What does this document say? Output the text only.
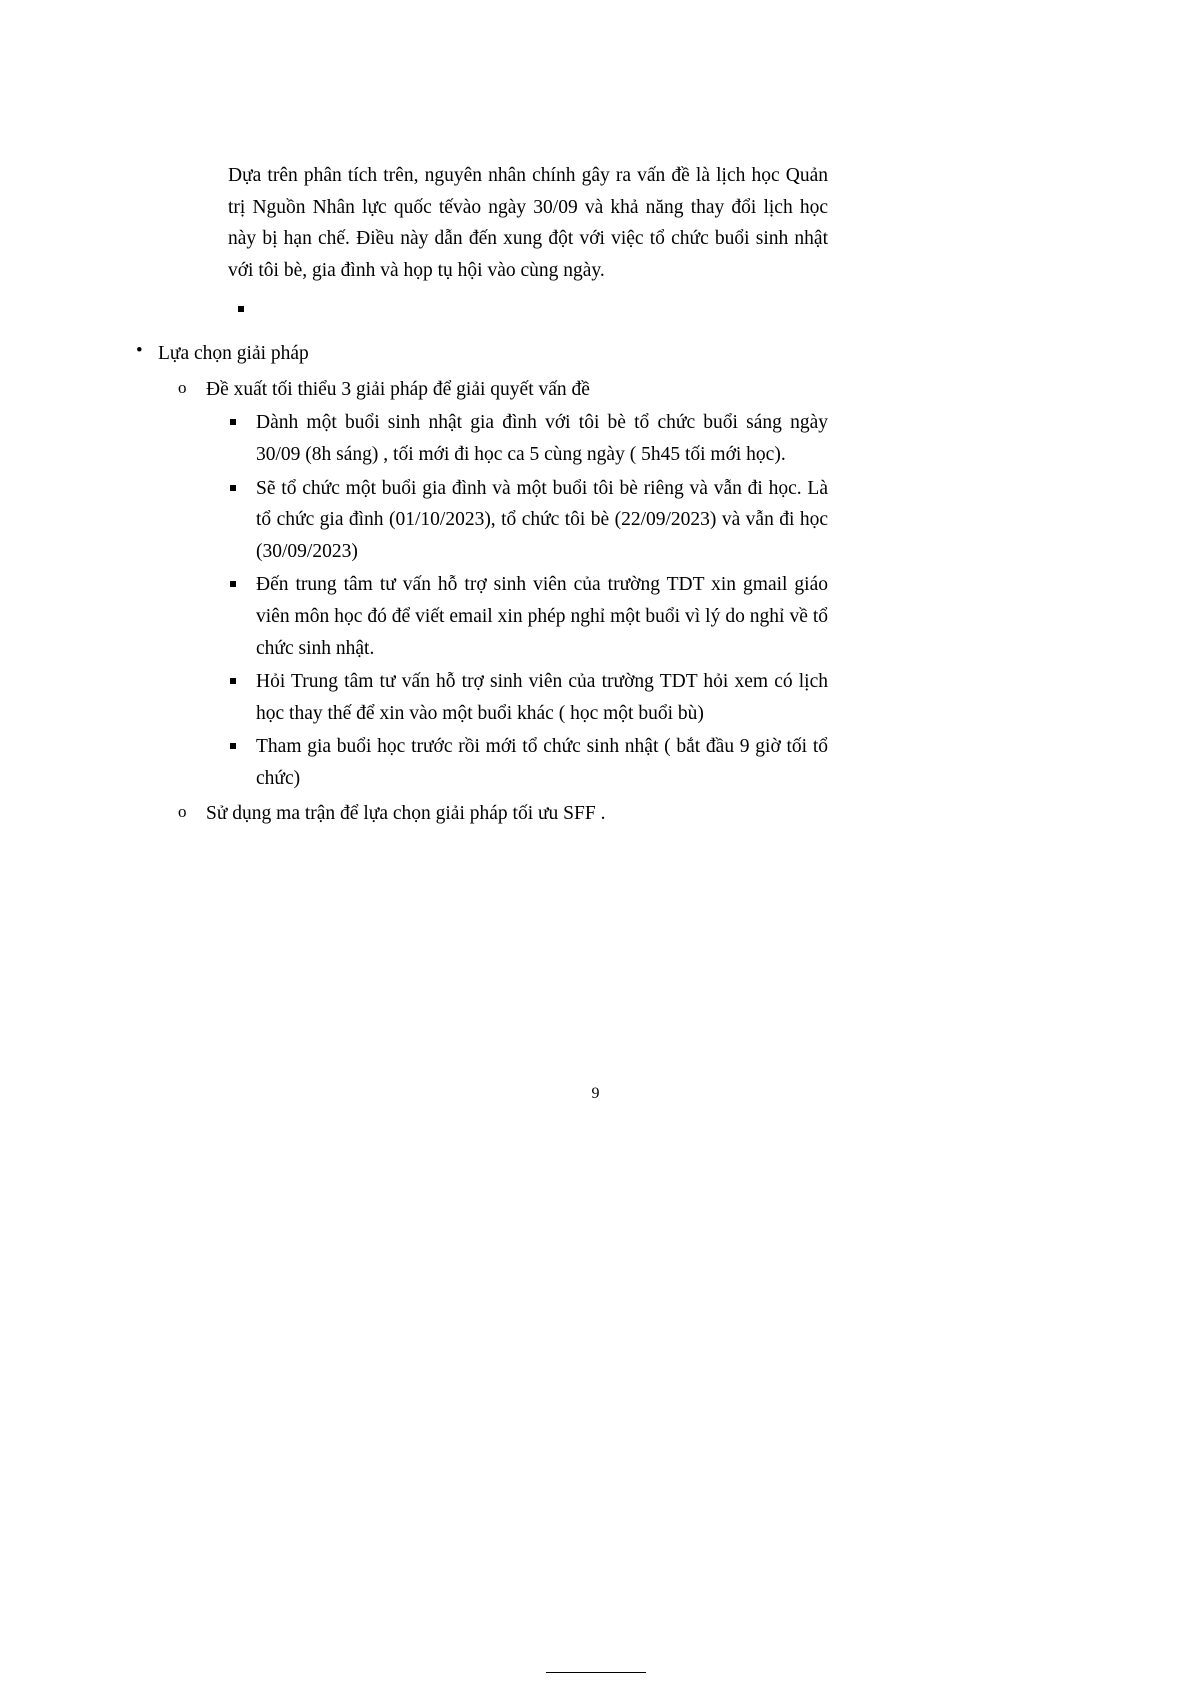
Dựa trên phân tích trên, nguyên nhân chính gây ra vấn đề là lịch học Quản trị Nguồn Nhân lực quốc tếvào ngày 30/09 và khả năng thay đổi lịch học này bị hạn chế. Điều này dẫn đến xung đột với việc tổ chức buổi sinh nhật với tôi bè, gia đình và họp tụ hội vào cùng ngày.

• Lựa chọn giải pháp
o Đề xuất tối thiểu 3 giải pháp để giải quyết vấn đề
Dành một buổi sinh nhật gia đình với tôi bè tổ chức buổi sáng ngày 30/09 (8h sáng) , tối mới đi học ca 5 cùng ngày ( 5h45 tối mới học).
Sẽ tổ chức một buổi gia đình và một buổi tôi bè riêng và vẫn đi học. Là tổ chức gia đình (01/10/2023), tổ chức tôi bè (22/09/2023) và vẫn đi học (30/09/2023)
Đến trung tâm tư vấn hỗ trợ sinh viên của trường TDT xin gmail giáo viên môn học đó để viết email xin phép nghỉ một buổi vì lý do nghỉ về tổ chức sinh nhật.
Hỏi Trung tâm tư vấn hỗ trợ sinh viên của trường TDT hỏi xem có lịch học thay thế để xin vào một buổi khác ( học một buổi bù)
Tham gia buổi học trước rồi mới tổ chức sinh nhật ( bắt đầu 9 giờ tối tổ chức)
o Sử dụng ma trận để lựa chọn giải pháp tối ưu SFF .
9
